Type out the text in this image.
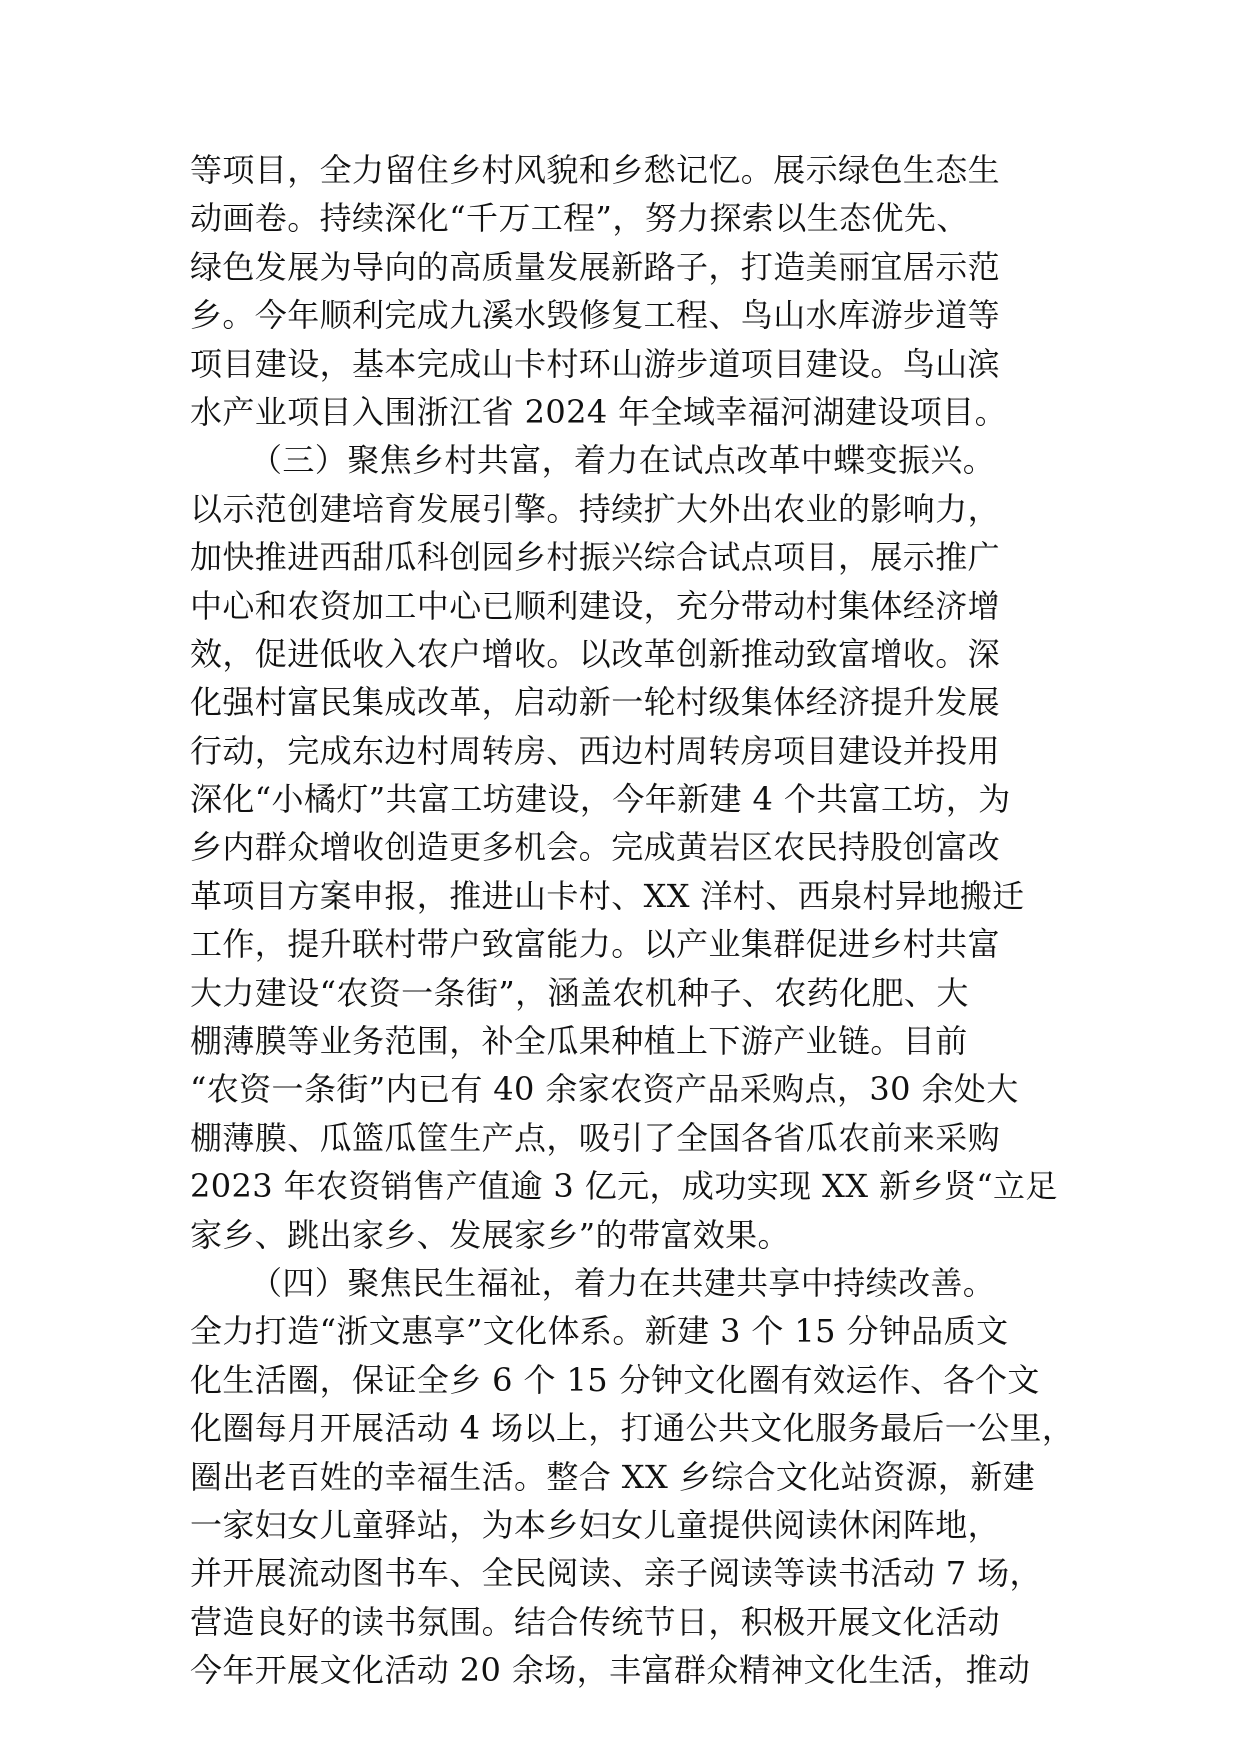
等项目，全力留住乡村风貌和乡愁记忆。展示绿色生态生
动画卷。持续深化“千万工程”，努力探索以生态优先、
绿色发展为导向的高质量发展新路子，打造美丽宜居示范
乡。今年顺利完成九溪水毁修复工程、鸟山水库游步道等
项目建设，基本完成山卡村环山游步道项目建设。鸟山滨
水产业项目入围浙江省 2024 年全域幸福河湖建设项目。
（三）聚焦乡村共富，着力在试点改革中蝶变振兴。
以示范创建培育发展引擎。持续扩大外出农业的影响力，
加快推进西甜瓜科创园乡村振兴综合试点项目，展示推广
中心和农资加工中心已顺利建设，充分带动村集体经济增
效，促进低收入农户增收。以改革创新推动致富增收。深
化强村富民集成改革，启动新一轮村级集体经济提升发展
行动，完成东边村周转房、西边村周转房项目建设并投用
深化“小橘灯”共富工坊建设，今年新建 4 个共富工坊，为
乡内群众增收创造更多机会。完成黄岩区农民持股创富改
革项目方案申报，推进山卡村、XX 洋村、西泉村异地搬迁
工作，提升联村带户致富能力。以产业集群促进乡村共富
大力建设“农资一条街”，涵盖农机种子、农药化肥、大
棚薄膜等业务范围，补全瓜果种植上下游产业链。目前
“农资一条街”内已有 40 余家农资产品采购点，30 余处大
棚薄膜、瓜篮瓜筐生产点，吸引了全国各省瓜农前来采购
2023 年农资销售产值逾 3 亿元，成功实现 XX 新乡贤“立足
家乡、跳出家乡、发展家乡”的带富效果。
（四）聚焦民生福祉，着力在共建共享中持续改善。
全力打造“浙文惠享”文化体系。新建 3 个 15 分钟品质文
化生活圈，保证全乡 6 个 15 分钟文化圈有效运作、各个文
化圈每月开展活动 4 场以上，打通公共文化服务最后一公里，
圈出老百姓的幸福生活。整合 XX 乡综合文化站资源，新建
一家妇女儿童驿站，为本乡妇女儿童提供阅读休闲阵地，
并开展流动图书车、全民阅读、亲子阅读等读书活动 7 场，
营造良好的读书氛围。结合传统节日，积极开展文化活动
今年开展文化活动 20 余场，丰富群众精神文化生活，推动
